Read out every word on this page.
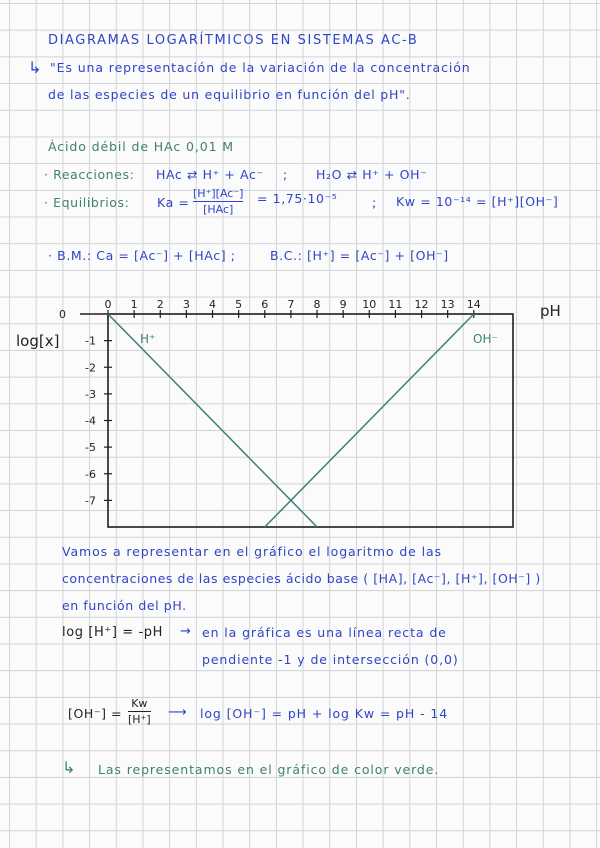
DIAGRAMAS LOGARÍTMICOS EN SISTEMAS AC-B
↳ "Es una representación de la variación de la concentración
de las especies de un equilibrio en función del pH".
Ácido débil de HAc 0,01 M
· Reacciones: HAc ⇄ H⁺ + Ac⁻ ; H₂O ⇄ H⁺ + OH⁻
· Equilibrios: Ka =
[H⁺][Ac⁻]
[HAc]
= 1,75·10⁻⁵	; Kw = 10⁻¹⁴ = [H⁺][OH⁻]
· B.M.: Ca = [Ac⁻] + [HAc] ;	B.C.: [H⁺] = [Ac⁻] + [OH⁻]
0 1 2 3 4 5 6 7 8 9 10 11 12 13 14
0
-1
-2
-3
-4
-5
-6
-7
pH
log[x]	H⁺	OH⁻
Vamos a representar en el gráfico el logaritmo de las
concentraciones de las especies ácido base ( [HA], [Ac⁻], [H⁺], [OH⁻] )
en función del pH.
log [H⁺] = -pH → en la gráfica es una línea recta de
pendiente -1 y de intersección (0,0)
[OH⁻] =
Kw
[H⁺] ⟶ log [OH⁻] = pH + log Kw = pH - 14
↳ Las representamos en el gráfico de color verde.
